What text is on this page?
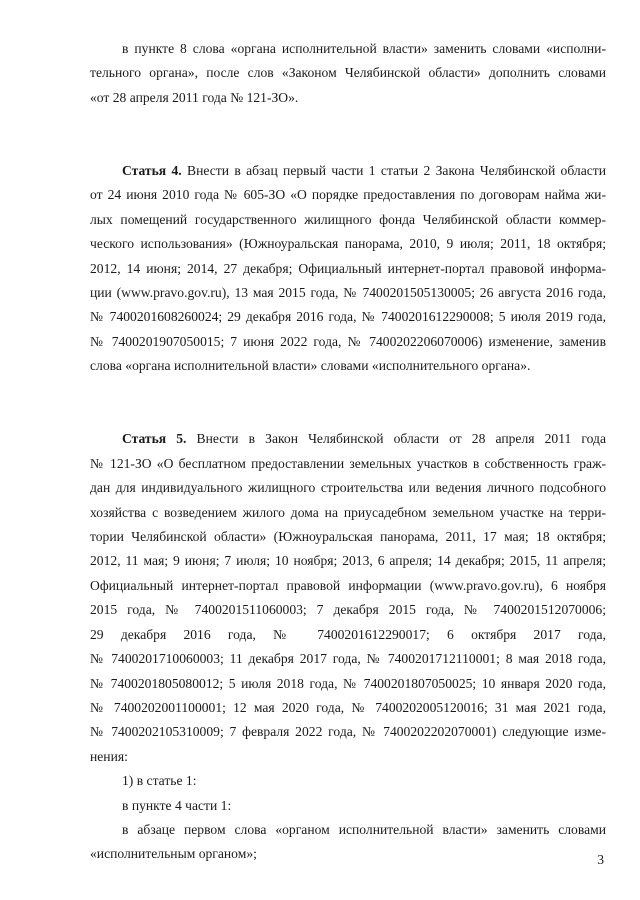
в пункте 8 слова «органа исполнительной власти» заменить словами «исполни-

тельного органа», после слов «Законом Челябинской области» дополнить словами

«от 28 апреля 2011 года № 121-ЗО».

Статья 4. Внести в абзац первый части 1 статьи 2 Закона Челябинской области

от 24 июня 2010 года № 605-ЗО «О порядке предоставления по договорам найма жи-

лых помещений государственного жилищного фонда Челябинской области коммер-

ческого использования» (Южноуральская панорама, 2010, 9 июля; 2011, 18 октября;

2012, 14 июня; 2014, 27 декабря; Официальный интернет-портал правовой информа-

ции (www.pravo.gov.ru), 13 мая 2015 года, № 7400201505130005; 26 августа 2016 года,

№ 7400201608260024; 29 декабря 2016 года, № 7400201612290008; 5 июля 2019 года,

№ 7400201907050015; 7 июня 2022 года, № 7400202206070006) изменение, заменив

слова «органа исполнительной власти» словами «исполнительного органа».

Статья 5. Внести в Закон Челябинской области от 28 апреля 2011 года

№ 121-ЗО «О бесплатном предоставлении земельных участков в собственность граж-

дан для индивидуального жилищного строительства или ведения личного подсобного

хозяйства с возведением жилого дома на приусадебном земельном участке на терри-

тории Челябинской области» (Южноуральская панорама, 2011, 17 мая; 18 октября;

2012, 11 мая; 9 июня; 7 июля; 10 ноября; 2013, 6 апреля; 14 декабря; 2015, 11 апреля;

Официальный интернет-портал правовой информации (www.pravo.gov.ru), 6 ноября

2015 года, № 7400201511060003; 7 декабря 2015 года, № 7400201512070006;

29 декабря 2016 года, № 7400201612290017; 6 октября 2017 года,

№ 7400201710060003; 11 декабря 2017 года, № 7400201712110001; 8 мая 2018 года,

№ 7400201805080012; 5 июля 2018 года, № 7400201807050025; 10 января 2020 года,

№ 7400202001100001; 12 мая 2020 года, № 7400202005120016; 31 мая 2021 года,

№ 7400202105310009; 7 февраля 2022 года, № 7400202202070001) следующие изме-

нения:

1) в статье 1:

в пункте 4 части 1:

в абзаце первом слова «органом исполнительной власти» заменить словами

«исполнительным органом»;	3
